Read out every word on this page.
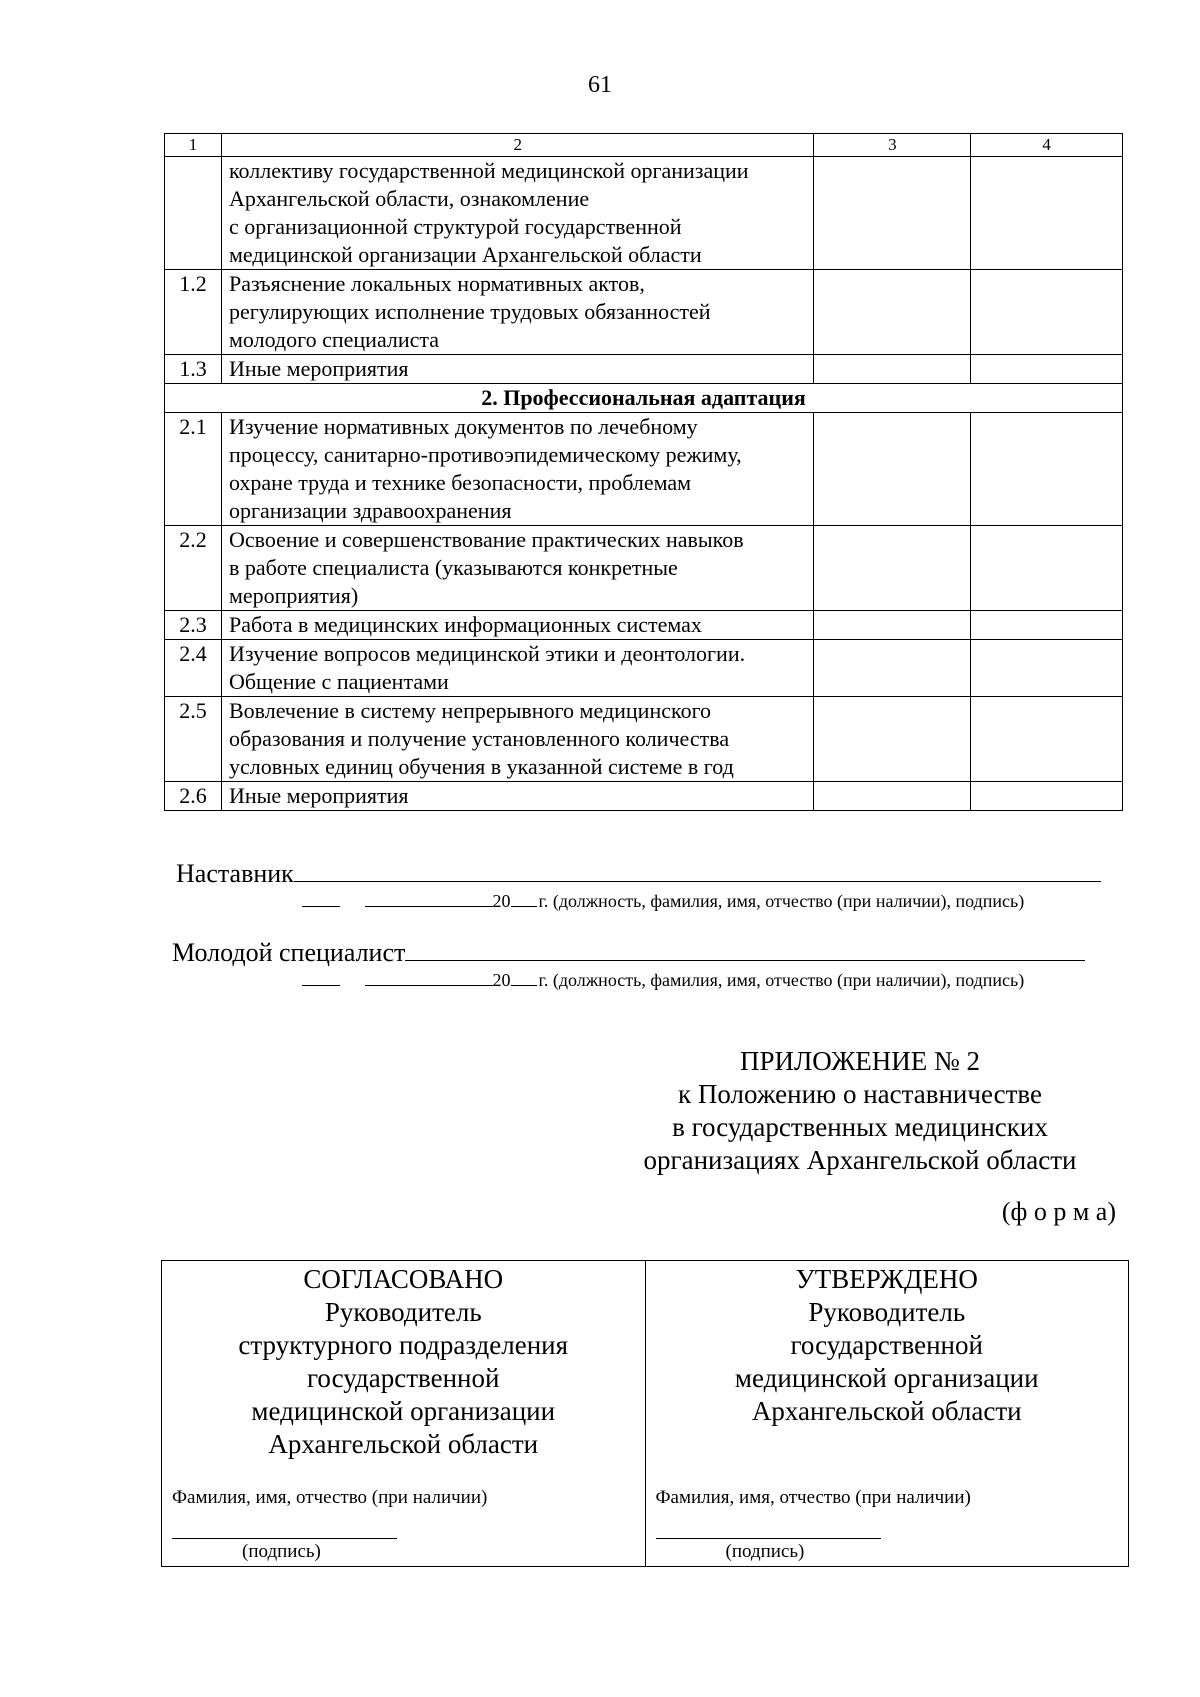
61
1	2	3	4

	коллективу государственной медицинской организации
Архангельской области, ознакомление
с организационной структурой государственной
медицинской организации Архангельской области		

1.2	Разъяснение локальных нормативных актов,
регулирующих исполнение трудовых обязанностей
молодого специалиста		

1.3	Иные мероприятия		

2. Профессиональная адаптация			
2.1	Изучение нормативных документов по лечебному
процессу, санитарно-противоэпидемическому режиму,
охране труда и технике безопасности, проблемам
организации здравоохранения		

2.2	Освоение и совершенствование практических навыков
в работе специалиста (указываются конкретные
мероприятия)		

2.3	Работа в медицинских информационных системах		

2.4	Изучение вопросов медицинской этики и деонтологии.
Общение с пациентами		

2.5	Вовлечение в систему непрерывного медицинского
образования и получение установленного количества
условных единиц обучения в указанной системе в год		

2.6	Иные мероприятия		

Наставник
20 г. (должность, фамилия, имя, отчество (при наличии), подпись)
Молодой специалист
20 г. (должность, фамилия, имя, отчество (при наличии), подпись)
ПРИЛОЖЕНИЕ № 2
к Положению о наставничестве
в государственных медицинских
организациях Архангельской области
(ф о р м а)
СОГЛАСОВАНО
Руководитель
структурного подразделения
государственной
медицинской организации
Архангельской области
Фамилия, имя, отчество (при наличии)
(подпись)
УТВЕРЖДЕНО
Руководитель
государственной
медицинской организации
Архангельской области
Фамилия, имя, отчество (при наличии)
(подпись)
